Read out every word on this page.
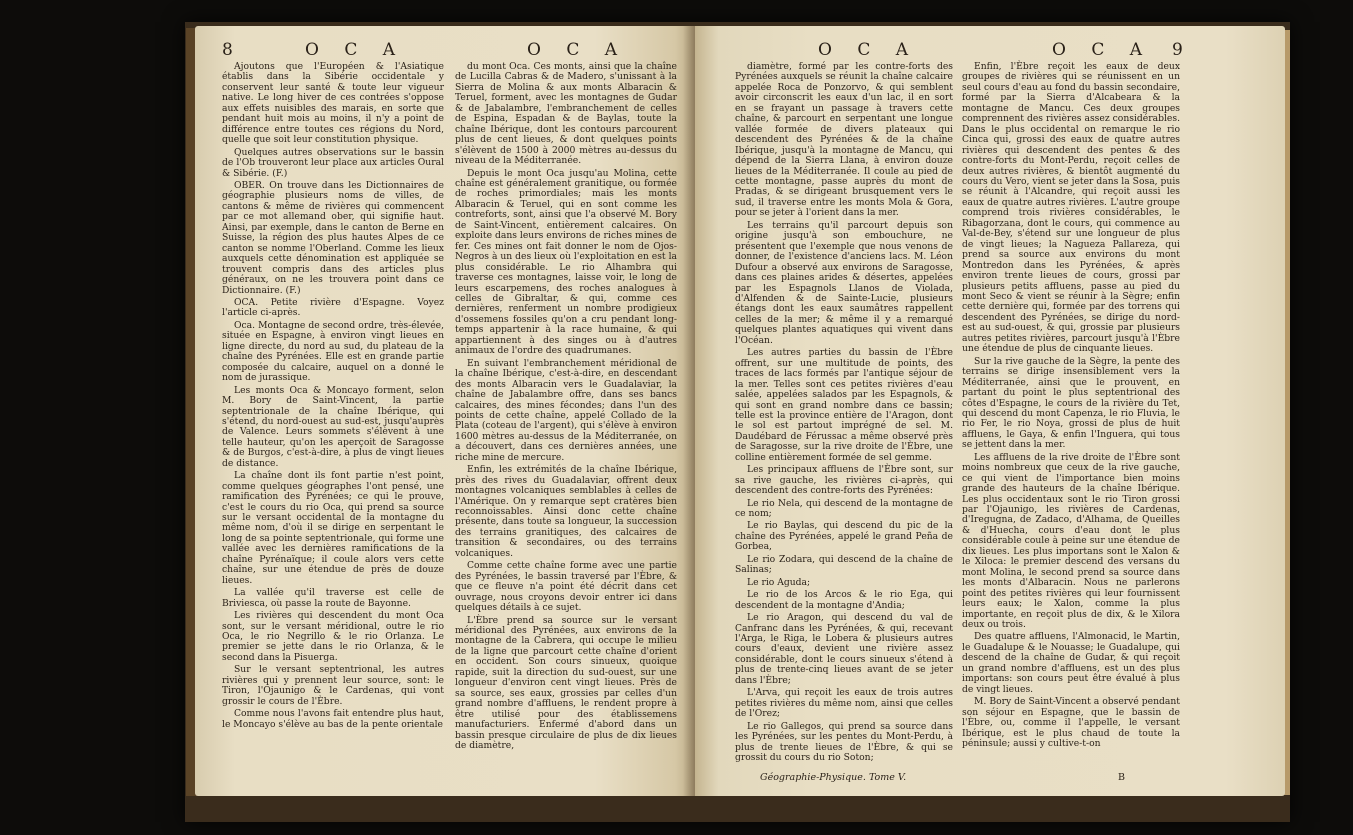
8	O C A	O C A

Ajoutons que l'Européen & l'Asiatique établis dans la Sibérie occidentale y conservent leur santé & toute leur vigueur native. Le long hiver de ces contrées s'oppose aux effets nuisibles des marais, en sorte que pendant huit mois au moins, il n'y a point de différence entre toutes ces régions du Nord, quelle que soit leur constitution physique.

Quelques autres observations sur le bassin de l'Ob trouveront leur place aux articles Oural & Sibérie. (F.)

OBER. On trouve dans les Dictionnaires de géographie plusieurs noms de villes, de cantons & même de rivières qui commencent par ce mot allemand ober, qui signifie haut. Ainsi, par exemple, dans le canton de Berne en Suisse, la région des plus hautes Alpes de ce canton se nomme l'Oberland. Comme les lieux auxquels cette dénomination est appliquée se trouvent compris dans des articles plus généraux, on ne les trouvera point dans ce Dictionnaire. (F.)

OCA. Petite rivière d'Espagne. Voyez l'article ci-après.

Oca. Montagne de second ordre, très-élevée, située en Espagne, à environ vingt lieues en ligne directe, du nord au sud, du plateau de la chaîne des Pyrénées. Elle est en grande partie composée du calcaire, auquel on a donné le nom de jurassique.

Les monts Oca & Moncayo forment, selon M. Bory de Saint-Vincent, la partie septentrionale de la chaîne Ibérique, qui s'étend, du nord-ouest au sud-est, jusqu'auprès de Valence. Leurs sommets s'élèvent à une telle hauteur, qu'on les aperçoit de Saragosse & de Burgos, c'est-à-dire, à plus de vingt lieues de distance.

La chaîne dont ils font partie n'est point, comme quelques géographes l'ont pensé, une ramification des Pyrénées; ce qui le prouve, c'est le cours du rio Oca, qui prend sa source sur le versant occidental de la montagne du même nom, d'où il se dirige en serpentant le long de sa pointe septentrionale, qui forme une vallée avec les dernières ramifications de la chaîne Pyrénaïque; il coule alors vers cette chaîne, sur une étendue de près de douze lieues.

La vallée qu'il traverse est celle de Briviesca, où passe la route de Bayonne.

Les rivières qui descendent du mont Oca sont, sur le versant méridional, outre le rio Oca, le rio Negrillo & le rio Orlanza. Le premier se jette dans le rio Orlanza, & le second dans la Pisuerga.

Sur le versant septentrional, les autres rivières qui y prennent leur source, sont: le Tiron, l'Ojaunigo & le Cardenas, qui vont grossir le cours de l'Èbre.

Comme nous l'avons fait entendre plus haut, le Moncayo s'élève au bas de la pente orientale

du mont Oca. Ces monts, ainsi que la chaîne de Lucilla Cabras & de Madero, s'unissant à la Sierra de Molina & aux monts Albaracin & Teruel, forment, avec les montagnes de Gudar & de Jabalambre, l'embranchement de celles de Espina, Espadan & de Baylas, toute la chaîne Ibérique, dont les contours parcourent plus de cent lieues, & dont quelques points s'élèvent de 1500 à 2000 mètres au-dessus du niveau de la Méditerranée.

Depuis le mont Oca jusqu'au Molina, cette chaîne est généralement granitique, ou formée de roches primordiales; mais les monts Albaracin & Teruel, qui en sont comme les contreforts, sont, ainsi que l'a observé M. Bory de Saint-Vincent, entièrement calcaires. On exploite dans leurs environs de riches mines de fer. Ces mines ont fait donner le nom de Ojos-Negros à un des lieux où l'exploitation en est la plus considérable. Le rio Alhambra qui traverse ces montagnes, laisse voir, le long de leurs escarpemens, des roches analogues à celles de Gibraltar, & qui, comme ces dernières, renferment un nombre prodigieux d'ossemens fossiles qu'on a cru pendant long-temps appartenir à la race humaine, & qui appartiennent à des singes ou à d'autres animaux de l'ordre des quadrumanes.

En suivant l'embranchement méridional de la chaîne Ibérique, c'est-à-dire, en descendant des monts Albaracin vers le Guadalaviar, la chaîne de Jabalambre offre, dans ses bancs calcaires, des mines fécondes; dans l'un des points de cette chaîne, appelé Collado de la Plata (coteau de l'argent), qui s'élève à environ 1600 mètres au-dessus de la Méditerranée, on a découvert, dans ces dernières années, une riche mine de mercure.

Enfin, les extrémités de la chaîne Ibérique, près des rives du Guadalaviar, offrent deux montagnes volcaniques semblables à celles de l'Amérique. On y remarque sept cratères bien reconnoissables. Ainsi donc cette chaîne présente, dans toute sa longueur, la succession des terrains granitiques, des calcaires de transition & secondaires, ou des terrains volcaniques.

Comme cette chaîne forme avec une partie des Pyrénées, le bassin traversé par l'Èbre, & que ce fleuve n'a point été décrit dans cet ouvrage, nous croyons devoir entrer ici dans quelques détails à ce sujet.

L'Èbre prend sa source sur le versant méridional des Pyrénées, aux environs de la montagne de la Cabrera, qui occupe le milieu de la ligne que parcourt cette chaîne d'orient en occident. Son cours sinueux, quoique rapide, suit la direction du sud-ouest, sur une longueur d'environ cent vingt lieues. Près de sa source, ses eaux, grossies par celles d'un grand nombre d'affluens, le rendent propre à être utilisé pour des établissemens manufacturiers. Enfermé d'abord dans un bassin presque circulaire de plus de dix lieues de diamètre,

O C A	O C A 9

diamètre, formé par les contre-forts des Pyrénées auxquels se réunit la chaîne calcaire appelée Roca de Ponzorvo, & qui semblent avoir circonscrit les eaux d'un lac, il en sort en se frayant un passage à travers cette chaîne, & parcourt en serpentant une longue vallée formée de divers plateaux qui descendent des Pyrénées & de la chaîne Ibérique, jusqu'à la montagne de Mancu, qui dépend de la Sierra Llana, à environ douze lieues de la Méditerranée. Il coule au pied de cette montagne, passe auprès du mont de Pradas, & se dirigeant brusquement vers le sud, il traverse entre les monts Mola & Gora, pour se jeter à l'orient dans la mer.

Les terrains qu'il parcourt depuis son origine jusqu'à son embouchure, ne présentent que l'exemple que nous venons de donner, de l'existence d'anciens lacs. M. Léon Dufour a observé aux environs de Saragosse, dans ces plaines arides & désertes, appelées par les Espagnols Llanos de Violada, d'Alfenden & de Sainte-Lucie, plusieurs étangs dont les eaux saumâtres rappellent celles de la mer; & même il y a remarqué quelques plantes aquatiques qui vivent dans l'Océan.

Les autres parties du bassin de l'Èbre offrent, sur une multitude de points, des traces de lacs formés par l'antique séjour de la mer. Telles sont ces petites rivières d'eau salée, appelées salados par les Espagnols, & qui sont en grand nombre dans ce bassin; telle est la province entière de l'Aragon, dont le sol est partout imprégné de sel. M. Daudébard de Férussac a même observé près de Saragosse, sur la rive droite de l'Èbre, une colline entièrement formée de sel gemme.

Les principaux affluens de l'Èbre sont, sur sa rive gauche, les rivières ci-après, qui descendent des contre-forts des Pyrénées:

Le rio Nela, qui descend de la montagne de ce nom;

Le rio Baylas, qui descend du pic de la chaîne des Pyrénées, appelé le grand Peña de Gorbea,

Le rio Zodara, qui descend de la chaîne de Salinas;

Le rio Aguda;

Le rio de los Arcos & le rio Ega, qui descendent de la montagne d'Andia;

Le rio Aragon, qui descend du val de Canfranc dans les Pyrénées, & qui, recevant l'Arga, le Riga, le Lobera & plusieurs autres cours d'eaux, devient une rivière assez considérable, dont le cours sinueux s'étend à plus de trente-cinq lieues avant de se jeter dans l'Èbre;

L'Arva, qui reçoit les eaux de trois autres petites rivières du même nom, ainsi que celles de l'Orez;

Le rio Gallegos, qui prend sa source dans les Pyrénées, sur les pentes du Mont-Perdu, à plus de trente lieues de l'Èbre, & qui se grossit du cours du rio Soton;

Enfin, l'Èbre reçoit les eaux de deux groupes de rivières qui se réunissent en un seul cours d'eau au fond du bassin secondaire, formé par la Sierra d'Alcabeara & la montagne de Mancu. Ces deux groupes comprennent des rivières assez considérables. Dans le plus occidental on remarque le rio Cinca qui, grossi des eaux de quatre autres rivières qui descendent des pentes & des contre-forts du Mont-Perdu, reçoit celles de deux autres rivières, & bientôt augmenté du cours du Vero, vient se jeter dans la Sosa, puis se réunit à l'Alcandre, qui reçoit aussi les eaux de quatre autres rivières. L'autre groupe comprend trois rivières considérables, le Ribagorzana, dont le cours, qui commence au Val-de-Bey, s'étend sur une longueur de plus de vingt lieues; la Nagueza Pallareza, qui prend sa source aux environs du mont Montredon dans les Pyrénées, & après environ trente lieues de cours, grossi par plusieurs petits affluens, passe au pied du mont Seco & vient se réunir à la Sègre; enfin cette dernière qui, formée par des torrens qui descendent des Pyrénées, se dirige du nord-est au sud-ouest, & qui, grossie par plusieurs autres petites rivières, parcourt jusqu'à l'Èbre une étendue de plus de cinquante lieues.

Sur la rive gauche de la Sègre, la pente des terrains se dirige insensiblement vers la Méditerranée, ainsi que le prouvent, en partant du point le plus septentrional des côtes d'Espagne, le cours de la rivière du Tet, qui descend du mont Capenza, le rio Fluvia, le rio Fer, le rio Noya, grossi de plus de huit affluens, le Gaya, & enfin l'Inguera, qui tous se jettent dans la mer.

Les affluens de la rive droite de l'Èbre sont moins nombreux que ceux de la rive gauche, ce qui vient de l'importance bien moins grande des hauteurs de la chaîne Ibérique. Les plus occidentaux sont le rio Tiron grossi par l'Ojaunigo, les rivières de Cardenas, d'Iregugna, de Zadaco, d'Alhama, de Queilles & d'Huecha, cours d'eau dont le plus considérable coule à peine sur une étendue de dix lieues. Les plus importans sont le Xalon & le Xiloca: le premier descend des versans du mont Molina, le second prend sa source dans les monts d'Albaracin. Nous ne parlerons point des petites rivières qui leur fournissent leurs eaux; le Xalon, comme la plus importante, en reçoit plus de dix, & le Xilora deux ou trois.

Des quatre affluens, l'Almonacid, le Martin, le Guadalupe & le Nouasse; le Guadalupe, qui descend de la chaîne de Gudar, & qui reçoit un grand nombre d'affluens, est un des plus importans: son cours peut être évalué à plus de vingt lieues.

M. Bory de Saint-Vincent a observé pendant son séjour en Espagne, que le bassin de l'Èbre, ou, comme il l'appelle, le versant Ibérique, est le plus chaud de toute la péninsule; aussi y cultive-t-on

Géographie-Physique. Tome V.	B
